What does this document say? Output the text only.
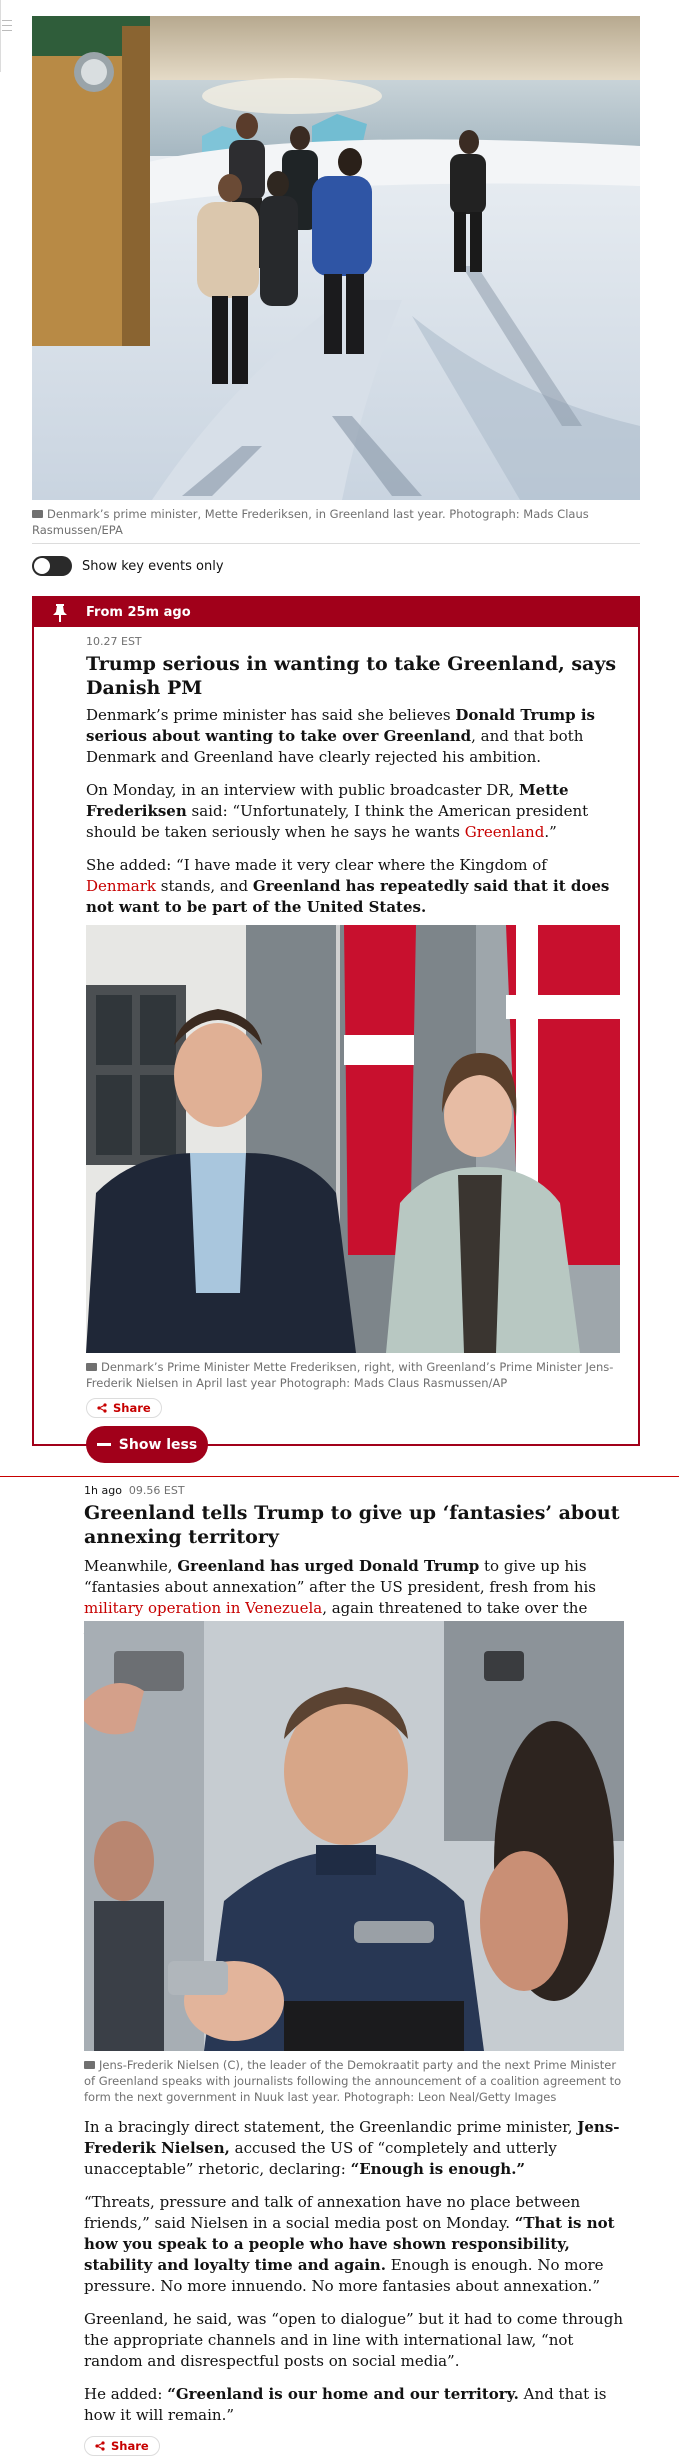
Denmark’s prime minister, Mette Frederiksen, in Greenland last year. Photograph: Mads Claus Rasmussen/EPA
Show key events only
From 25m ago
10.27 EST
Trump serious in wanting to take Greenland, says Danish PM

Denmark’s prime minister has said she believes Donald Trump is serious about wanting to take over Greenland, and that both Denmark and Greenland have clearly rejected his ambition.

On Monday, in an interview with public broadcaster DR, Mette Frederiksen said: “Unfortunately, I think the American president should be taken seriously when he says he wants Greenland.”

She added: “I have made it very clear where the Kingdom of Denmark stands, and Greenland has repeatedly said that it does not want to be part of the United States.

Denmark’s Prime Minister Mette Frederiksen, right, with Greenland’s Prime Minister Jens-Frederik Nielsen in April last year Photograph: Mads Claus Rasmussen/AP
Share
Show less
1h ago 09.56 EST
Greenland tells Trump to give up ‘fantasies’ about annexing territory

Meanwhile, Greenland has urged Donald Trump to give up his “fantasies about annexation” after the US president, fresh from his military operation in Venezuela, again threatened to take over the

Jens-Frederik Nielsen (C), the leader of the Demokraatit party and the next Prime Minister of Greenland speaks with journalists following the announcement of a coalition agreement to form the next government in Nuuk last year. Photograph: Leon Neal/Getty Images

In a bracingly direct statement, the Greenlandic prime minister, Jens-Frederik Nielsen, accused the US of “completely and utterly unacceptable” rhetoric, declaring: “Enough is enough.”

“Threats, pressure and talk of annexation have no place between friends,” said Nielsen in a social media post on Monday. “That is not how you speak to a people who have shown responsibility, stability and loyalty time and again. Enough is enough. No more pressure. No more innuendo. No more fantasies about annexation.”

Greenland, he said, was “open to dialogue” but it had to come through the appropriate channels and in line with international law, “not random and disrespectful posts on social media”.

He added: “Greenland is our home and our territory. And that is how it will remain.”

Share
